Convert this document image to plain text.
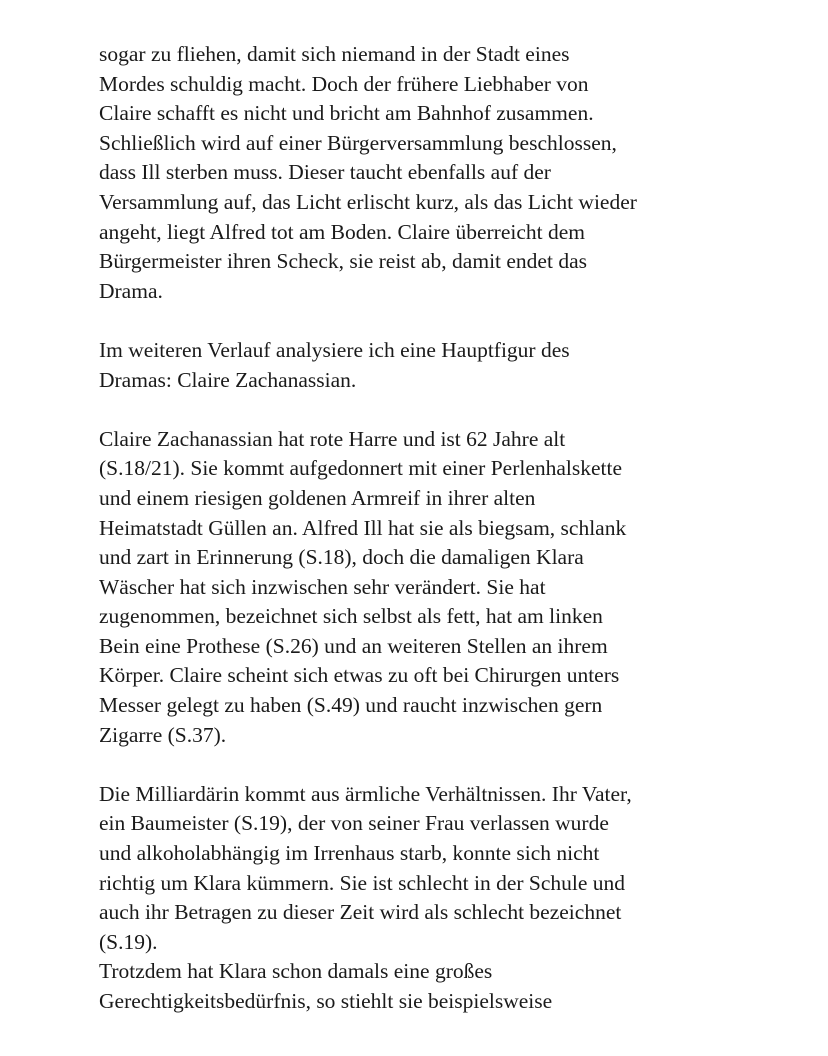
sogar zu fliehen, damit sich niemand in der Stadt eines
Mordes schuldig macht. Doch der frühere Liebhaber von
Claire schafft es nicht und bricht am Bahnhof zusammen.
Schließlich wird auf einer Bürgerversammlung beschlossen,
dass Ill sterben muss. Dieser taucht ebenfalls auf der
Versammlung auf, das Licht erlischt kurz, als das Licht wieder
angeht, liegt Alfred tot am Boden. Claire überreicht dem
Bürgermeister ihren Scheck, sie reist ab, damit endet das
Drama.

Im weiteren Verlauf analysiere ich eine Hauptfigur des
Dramas: Claire Zachanassian.

Claire Zachanassian hat rote Harre und ist 62 Jahre alt
(S.18/21). Sie kommt aufgedonnert mit einer Perlenhalskette
und einem riesigen goldenen Armreif in ihrer alten
Heimatstadt Güllen an. Alfred Ill hat sie als biegsam, schlank
und zart in Erinnerung (S.18), doch die damaligen Klara
Wäscher hat sich inzwischen sehr verändert. Sie hat
zugenommen, bezeichnet sich selbst als fett, hat am linken
Bein eine Prothese (S.26) und an weiteren Stellen an ihrem
Körper. Claire scheint sich etwas zu oft bei Chirurgen unters
Messer gelegt zu haben (S.49) und raucht inzwischen gern
Zigarre (S.37).

Die Milliardärin kommt aus ärmliche Verhältnissen. Ihr Vater,
ein Baumeister (S.19), der von seiner Frau verlassen wurde
und alkoholabhängig im Irrenhaus starb, konnte sich nicht
richtig um Klara kümmern. Sie ist schlecht in der Schule und
auch ihr Betragen zu dieser Zeit wird als schlecht bezeichnet
(S.19).

Trotzdem hat Klara schon damals eine großes
Gerechtigkeitsbedürfnis, so stiehlt sie beispielsweise
